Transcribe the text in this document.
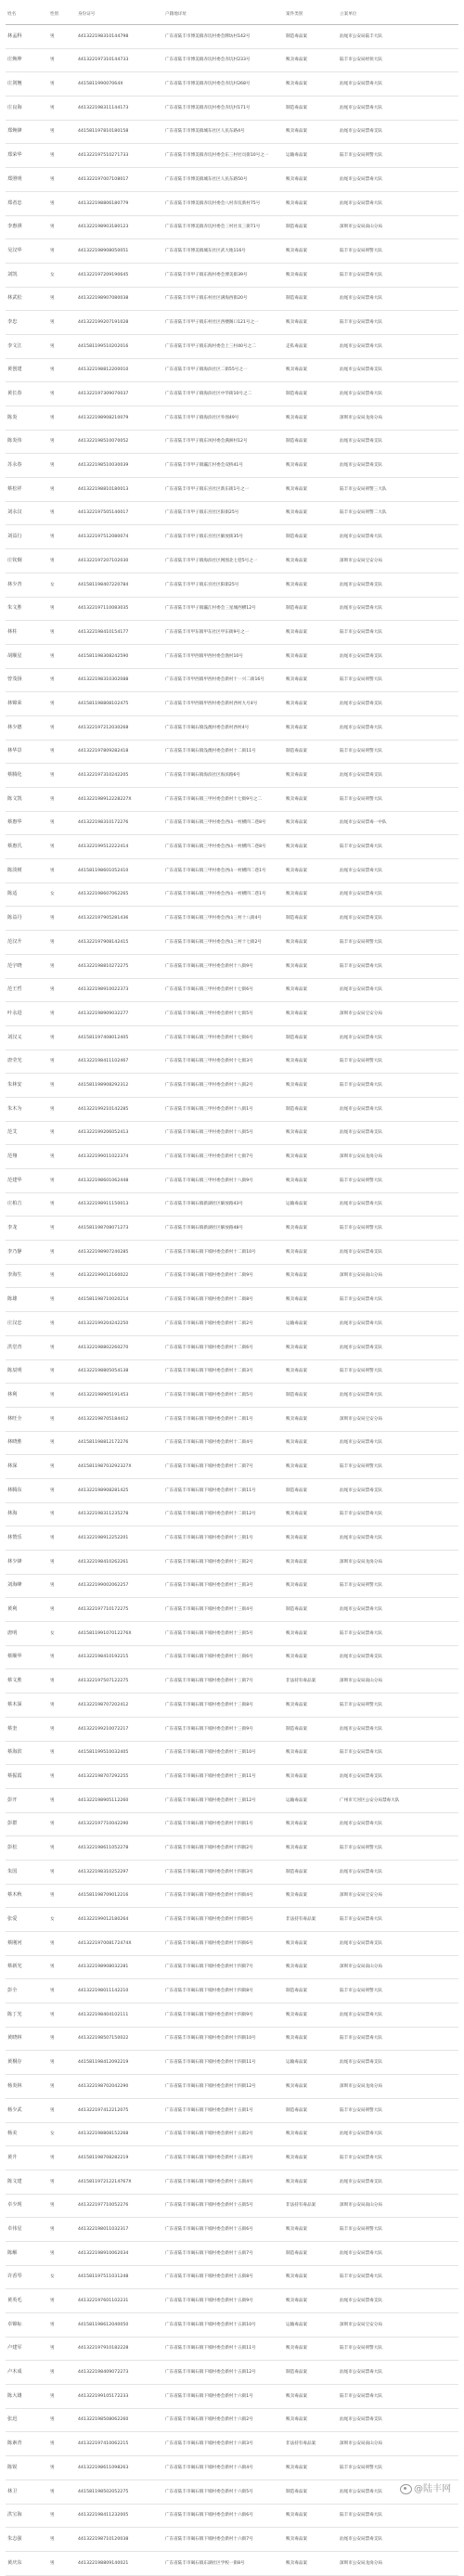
姓名	性别	身份证号	户籍地详址	案件类别	立案单位
林孟科	男	441322198310144798	广东省陆丰市博美镇赤坑村委会牌坊村142号	制造毒品案	汕尾市公安局陆丰大队
庄焕坤	男	441322197310144733	广东省陆丰市博美镇赤坑村委会赤坑村233号	贩卖毒品案	陆丰市公安局经侦大队
庄剑翘	男	441581199007064X	广东省陆丰市博美镇赤坑村委会赤坑村268号	贩卖毒品案	汕尾市公安局禁毒大队
庄良海	男	441322198311144173	广东省陆丰市博美镇赤坑村委会赤坑村171号	制造毒品案	汕尾市公安局禁毒大队
郑焕锋	男	441581197810180158	广东省陆丰市博美镇城东社区人民东路4号	贩卖毒品案	汕尾市公安局禁毒支队
郑荣华	男	441322197510271733	广东省陆丰市博美镇赤坑村委会东三村社员街10号之一	运输毒品案	陆丰市公安局刑警大队
郑照明	男	441322197007108017	广东省陆丰市博美镇城东社区人民东路50号	贩卖毒品案	汕尾市公安局禁毒大队
郑者忠	男	441322198806180779	广东省陆丰市博美镇赤坑村委会八村赤坑新村75号	贩卖毒品案	汕尾市公安局禁毒大队
李惠祺	男	441322198903180123	广东省陆丰市博美镇赤坑村委会三村社员三街71号	制造毒品案	深圳市公安局南山分局
吴汉华	男	441322198908050051	广东省陆丰市博美镇城东社区武大地116号	贩卖毒品案	陆丰市公安局刑警大队
刘凯	女	441322197209190645	广东省陆丰市甲子镇东海村委会博美街39号	贩卖毒品案	陆丰市公安局禁毒大队
林武松	男	441322198907080038	广东省陆丰市甲子镇东村社区满海西街20号	制造毒品案	汕尾市公安局禁毒大队
李忠	男	441322199207191028	广东省陆丰市甲子镇东村社区西楼阁口121号之一	贩卖毒品案	陆丰市公安局禁毒大队
李文江	男	441581199510202016	广东省陆丰市甲子镇东海村委会上三村40号之二	走私毒品案	汕尾市公安局禁毒大队
黄创建	男	441322198812200010	广东省陆丰市甲子镇海滨社区二街55号之一	贩卖毒品案	汕尾市公安局禁毒支队
黄长春	男	441322197309070037	广东省陆丰市甲子镇海滨社区中华街10号之二	制造毒品案	汕尾市公安局禁毒大队
陈炎	男	441322198908210079	广东省陆丰市甲子镇海滨社区外围49号	贩卖毒品案	深圳市公安局龙岗分局
陈炎伟	男	441322198510070052	广东省陆丰市甲子镇东风村委会满洲村12号	制造毒品案	汕尾市公安局禁毒支队
苏永春	男	441322198510030039	广东省陆丰市甲子镇瀛江村委会双桥41号	贩卖毒品案	汕尾市公安局禁毒支队
蔡松祥	男	441322198810180013	广东省陆丰市甲子镇东宫社区新东街1号之一	贩卖毒品案	陆丰市公安局刑警三大队
刘永汉	男	441322197505140017	广东省陆丰市甲子镇东宫社区阳街25号	贩卖毒品案	陆丰市公安局刑警二大队
刘益行	男	441322197512080074	广东省陆丰市甲子镇东宫社区解放街35号	制造毒品案	汕尾市公安局禁毒大队
庄钦炯	男	441322197207102030	广东省陆丰市甲子镇海滨社区网围北七巷5号之一	贩卖毒品案	深圳市公安局宝安分局
林少青	女	441581198407220784	广东省陆丰市甲子镇东宫社区阳街25号	贩卖毒品案	汕尾市公安局禁毒支队
朱文胜	男	441322197110083035	广东省陆丰市甲子镇瀛江村委会三星城西横12号	制造毒品案	汕尾市公安局禁毒大队
林柱	男	441322198410154177	广东省陆丰市甲东镇甲东社区甲东街9号之一	贩卖毒品案	陆丰市公安局禁毒大队
胡顺星	男	441581198308242590	广东省陆丰市甲西镇甲西村委会渔村10号	贩卖毒品案	汕尾市公安局禁毒支队
曾茂扬	男	441322198310302088	广东省陆丰市甲西镇甲西村委会新村十一兴二街16号	贩卖毒品案	陆丰市公安局刑警大队
林锦荣	男	441581198808102475	广东省陆丰市甲西镇甲西村委会新村西村九号4号	贩卖毒品案	汕尾市公安局禁毒支队
林少德	男	441322197212030268	广东省陆丰市碣石镇浅澳村委会新村西村4号	贩卖毒品案	汕尾市公安局禁毒大队
林华景	男	441322197809282418	广东省陆丰市碣石镇浅澳村委会新村十二街11号	制造毒品案	陆丰市公安局刑警大队
蔡腾化	男	441322197310242205	广东省陆丰市碣石镇海滨社区海滨路6号	贩卖毒品案	汕尾市公安局禁毒支队
陈文凯	男	441322198912228227X	广东省陆丰市碣石镇三甲村委会新村十七街9号之二	贩卖毒品案	陆丰市公安局刑警大队
蔡惠华	男	441322198310172276	广东省陆丰市碣石镇三甲村委会西山一村横四二巷8号	贩卖毒品案	汕尾市公安局禁毒一中队
蔡惠氏	男	441322199512222414	广东省陆丰市碣石镇三甲村委会西山一村横四二巷8号	贩卖毒品案	陆丰市公安局禁毒大队
陈淡树	男	441581198601052410	广东省陆丰市碣石镇三甲村委会西山一村横四二巷1号	贩卖毒品案	汕尾市公安局禁毒大队
陈适	女	441322198607062265	广东省陆丰市碣石镇三甲村委会西山一村横四二巷1号	贩卖毒品案	汕尾市公安局禁毒大队
陈益丹	男	441322197905281436	广东省陆丰市碣石镇三甲村委会西山三村十八街4号	制造毒品案	汕尾市公安局禁毒支队
范汉升	男	441322197908142415	广东省陆丰市碣石镇三甲村委会西山三村十七街2号	贩卖毒品案	陆丰市公安局刑警大队
范宇晓	男	441322198810272275	广东省陆丰市碣石镇三甲村委会新村十八街9号	贩卖毒品案	陆丰市公安局禁毒大队
范王哲	男	441322198910022373	广东省陆丰市碣石镇三甲村委会新村十七街6号	贩卖毒品案	汕尾市公安局禁毒大队
叶永进	男	441322198909032277	广东省陆丰市碣石镇三甲村委会新村十七街5号	贩卖毒品案	深圳市公安局宝安分局
刘汉义	男	441581197408012405	广东省陆丰市碣石镇三甲村委会新村十七街6号	制造毒品案	汕尾市公安局禁毒大队
唐莹光	男	441322198411102467	广东省陆丰市碣石镇三甲村委会新村十七街3号	贩卖毒品案	陆丰市公安局刑警大队
朱林安	男	441581198908292312	广东省陆丰市碣石镇三甲村委会新村十八街2号	贩卖毒品案	陆丰市公安局禁毒大队
朱木为	男	441322199210142285	广东省陆丰市碣石镇三甲村委会新村十八街1号	制造毒品案	汕尾市公安局禁毒大队
范艾	男	441322199206052413	广东省陆丰市碣石镇三甲村委会新村十八街5号	贩卖毒品案	汕尾市公安局禁毒支队
范翔	男	441322199011022374	广东省陆丰市碣石镇三甲村委会新村十七街7号	贩卖毒品案	深圳市公安局龙岗分局
范建华	男	441322198601062448	广东省陆丰市碣石镇三甲村委会新村十八街9号	贩卖毒品案	陆丰市公安局刑警大队
庄柏吉	男	441322198911150013	广东省陆丰市碣石镇新湖社区解放路43号	运输毒品案	汕尾市公安局禁毒大队
李龙	男	441581198708071273	广东省陆丰市碣石镇新湖社区解放路48号	贩卖毒品案	陆丰市公安局刑警大队
李乃静	男	441322198907240285	广东省陆丰市碣石镇下埔村委会新村十二街10号	贩卖毒品案	汕尾市公安局禁毒支队
李海生	男	441322199012160022	广东省陆丰市碣石镇下埔村委会新村十二街9号	贩卖毒品案	深圳市公安局南山分局
陈雄	男	441581198710020214	广东省陆丰市碣石镇下埔村委会新村十二街8号	贩卖毒品案	陆丰市公安局禁毒大队
庄汉忠	男	441322199204242250	广东省陆丰市碣石镇下埔村委会新村十二街2号	运输毒品案	汕尾市公安局禁毒大队
洪堂青	男	441322198802260270	广东省陆丰市碣石镇下埔村委会新村十二街6号	贩卖毒品案	汕尾市公安局禁毒支队
陈辰明	男	441322198805054138	广东省陆丰市碣石镇下埔村委会新村十二街3号	贩卖毒品案	陆丰市公安局刑警大队
林利	男	441322198905191453	广东省陆丰市碣石镇下埔村委会新村十二街5号	制造毒品案	汕尾市公安局禁毒大队
林旺全	男	441322198705184412	广东省陆丰市碣石镇下埔村委会新村十二街1号	贩卖毒品案	深圳市公安局宝安分局
林晓胜	男	441581198812172276	广东省陆丰市碣石镇下埔村委会新村十二街4号	贩卖毒品案	汕尾市公安局禁毒大队
林深	男	441581198703292327X	广东省陆丰市碣石镇下埔村委会新村十二街7号	贩卖毒品案	陆丰市公安局刑警大队
林腾东	男	441322198908281425	广东省陆丰市碣石镇下埔村委会新村十二街11号	制造毒品案	汕尾市公安局禁毒支队
林海	男	441322198311235278	广东省陆丰市碣石镇下埔村委会新村十二街12号	贩卖毒品案	陆丰市公安局禁毒大队
林赞乐	男	441322198912252201	广东省陆丰市碣石镇下埔村委会新村十三街1号	贩卖毒品案	汕尾市公安局禁毒大队
林少锋	男	441322198410262261	广东省陆丰市碣石镇下埔村委会新村十三街2号	贩卖毒品案	深圳市公安局龙岗分局
刘海峰	男	441322199002062257	广东省陆丰市碣石镇下埔村委会新村十三街3号	贩卖毒品案	陆丰市公安局刑警大队
黄利	男	441322197710172275	广东省陆丰市碣石镇下埔村委会新村十三街4号	制造毒品案	汕尾市公安局禁毒大队
唐明	女	441581199107012276X	广东省陆丰市碣石镇下埔村委会新村十三街5号	贩卖毒品案	陆丰市公安局禁毒大队
蔡顺华	男	441322198410192215	广东省陆丰市碣石镇下埔村委会新村十三街6号	贩卖毒品案	汕尾市公安局禁毒支队
蔡文胜	男	441322197507122275	广东省陆丰市碣石镇下埔村委会新村十三街7号	非法持有毒品案	深圳市公安局南山分局
蔡木深	男	441322198707202412	广东省陆丰市碣石镇下埔村委会新村十三街8号	贩卖毒品案	陆丰市公安局刑警大队
蔡奎	男	441322199210072217	广东省陆丰市碣石镇下埔村委会新村十三街9号	制造毒品案	汕尾市公安局禁毒大队
蔡海滨	男	441581199510032405	广东省陆丰市碣石镇下埔村委会新村十三街10号	贩卖毒品案	陆丰市公安局禁毒大队
蔡振霞	男	441322198707292255	广东省陆丰市碣石镇下埔村委会新村十三街11号	贩卖毒品案	汕尾市公安局禁毒支队
彭开	男	441322198905112260	广东省陆丰市碣石镇下埔村委会新村十三街12号	运输毒品案	广州市天河区公安分局禁毒大队
彭群	男	441322197710042290	广东省陆丰市碣石镇下埔村委会新村十四街1号	贩卖毒品案	汕尾市公安局禁毒大队
彭松	男	441322198611052278	广东省陆丰市碣石镇下埔村委会新村十四街2号	贩卖毒品案	陆丰市公安局刑警大队
朱国	男	441322198310252297	广东省陆丰市碣石镇下埔村委会新村十四街3号	制造毒品案	汕尾市公安局禁毒大队
蔡木秋	男	441581198709012216	广东省陆丰市碣石镇下埔村委会新村十四街4号	贩卖毒品案	深圳市公安局宝安分局
张爱	女	441322199012180264	广东省陆丰市碣石镇下埔村委会新村十四街5号	非法持有毒品案	陆丰市公安局禁毒大队
蔡刚河	男	441322197008172474X	广东省陆丰市碣石镇下埔村委会新村十四街6号	贩卖毒品案	汕尾市公安局禁毒支队
蔡新光	男	441322198908032281	广东省陆丰市碣石镇下埔村委会新村十四街7号	贩卖毒品案	深圳市公安局南山分局
彭全	男	441322198011142210	广东省陆丰市碣石镇下埔村委会新村十四街8号	制造毒品案	陆丰市公安局刑警大队
陈丁光	男	441322198404102111	广东省陆丰市碣石镇下埔村委会新村十四街9号	贩卖毒品案	汕尾市公安局禁毒大队
黄晓林	男	441322198507150022	广东省陆丰市碣石镇下埔村委会新村十四街10号	贩卖毒品案	陆丰市公安局禁毒大队
黄桐存	男	441581198412092219	广东省陆丰市碣石镇下埔村委会新村十四街11号	运输毒品案	汕尾市公安局禁毒支队
杨炎林	男	441322198702042290	广东省陆丰市碣石镇下埔村委会新村十四街12号	贩卖毒品案	深圳市公安局龙岗分局
杨少武	男	441322197412212075	广东省陆丰市碣石镇下埔村委会新村十五街1号	制造毒品案	陆丰市公安局刑警大队
杨美	女	441322198808152268	广东省陆丰市碣石镇下埔村委会新村十五街2号	贩卖毒品案	汕尾市公安局禁毒大队
黄升	男	441581198708282219	广东省陆丰市碣石镇下埔村委会新村十五街3号	贩卖毒品案	陆丰市公安局禁毒大队
陈文建	男	441581197212214767X	广东省陆丰市碣石镇下埔村委会新村十五街4号	贩卖毒品案	汕尾市公安局禁毒支队
卓少现	男	441322197710052276	广东省陆丰市碣石镇下埔村委会新村十五街5号	非法持有毒品案	深圳市公安局南山分局
卓伟星	男	441322198011032317	广东省陆丰市碣石镇下埔村委会新村十五街6号	贩卖毒品案	陆丰市公安局刑警大队
陈解	男	441322198910062034	广东省陆丰市碣石镇下埔村委会新村十五街7号	制造毒品案	汕尾市公安局禁毒大队
许香琴	女	441581197511031248	广东省陆丰市碣石镇下埔村委会新村十五街8号	贩卖毒品案	陆丰市公安局禁毒大队
黄英毛	男	441322197601102231	广东省陆丰市碣石镇下埔村委会新村十五街9号	贩卖毒品案	汕尾市公安局禁毒支队
卓锦标	男	441581198612040050	广东省陆丰市碣石镇下埔村委会新村十五街10号	运输毒品案	深圳市公安局宝安分局
卢建军	男	441322197910182228	广东省陆丰市碣石镇下埔村委会新村十五街11号	贩卖毒品案	陆丰市公安局刑警大队
卢木成	男	441322198409072273	广东省陆丰市碣石镇下埔村委会新村十五街12号	制造毒品案	汕尾市公安局禁毒大队
陈大雄	男	441322199105172233	广东省陆丰市碣石镇下埔村委会新村十六街1号	贩卖毒品案	陆丰市公安局禁毒大队
张迅	男	441322198508062260	广东省陆丰市碣石镇下埔村委会新村十六街2号	贩卖毒品案	汕尾市公安局禁毒支队
陈素青	男	441322197410062215	广东省陆丰市碣石镇下埔村委会新村十六街3号	非法持有毒品案	深圳市公安局南山分局
陈锐	男	441322198611098263	广东省陆丰市碣石镇下埔村委会新村十六街4号	贩卖毒品案	陆丰市公安局刑警大队
林卫	男	441581198502052275	广东省陆丰市碣石镇下埔村委会新村十六街5号	制造毒品案	汕尾市公安局禁毒大队
洪宝海	男	441322198411232005	广东省陆丰市碣石镇下埔村委会新村十六街6号	贩卖毒品案	陆丰市公安局禁毒大队
朱志强	男	441322198710120038	广东省陆丰市碣石镇下埔村委会新村十六街7号	贩卖毒品案	汕尾市公安局禁毒支队
黄庆东	男	441322198809140021	广东省陆丰市碣石镇东湖社区学校一街8号	贩卖毒品案	深圳市公安局龙岗分局
@陆丰网
